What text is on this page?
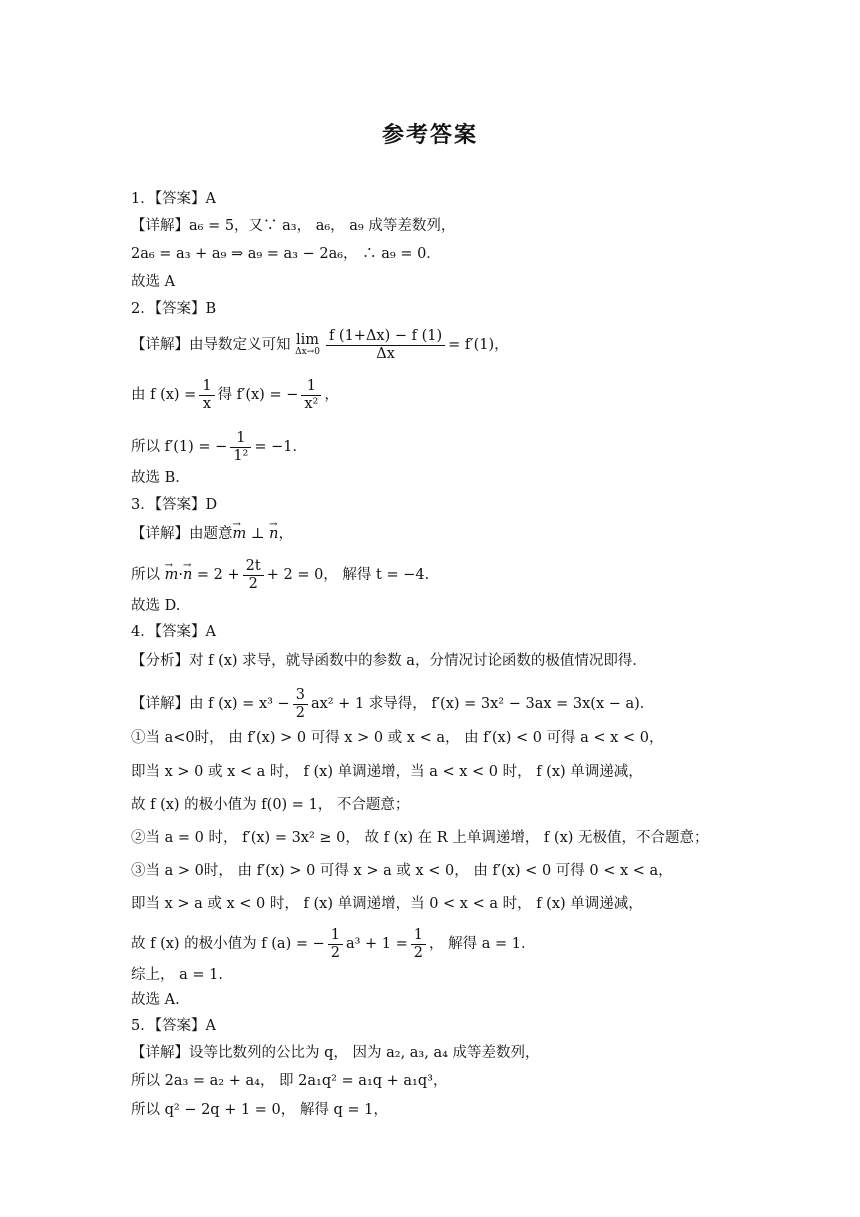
参考答案
1．【答案】A
【详解】a₆ = 5，又∵ a₃， a₆， a₉ 成等差数列，
2a₆ = a₃ + a₉ ⇒ a₉ = a₃ − 2a₆， ∴ a₉ = 0．
故选 A
2．【答案】B
【详解】由导数定义可知 lim
$\Delta x\to 0 \frac{f (1+\Delta x) - f (1)}{\Delta x} = f'(1)$，
由 f $(x) = \frac{1}{x}$ 得 f′(x) = − $\frac{1}{\text{x²}}$ ，
所以 f′(1) = − $\frac{1}{\text{1²}} = -1$．
故选 B．
3．【答案】D
【详解】由题意→ m ⊥ → n，
所以 → $m\cdot\to n = 2 + \frac{2t}{2} + 2 = 0$， 解得 t = −4．
故选 D.
4．【答案】A
【分析】对 f (x) 求导，就导函数中的参数 a，分情况讨论函数的极值情况即得．
【详解】由 f $(x) = x^3 - \frac{3}{2} ax^2 + 1$ 求导得， f′(x) = 3x² − 3ax = 3x(x − a)．
①当 a<0时， 由 f′(x) > 0 可得 x > 0 或 x < a， 由 f′(x) < 0 可得 a < x < 0，
即当 x > 0 或 x < a 时， f (x) 单调递增，当 a < x < 0 时， f (x) 单调递减，
故 f (x) 的极小值为 f(0) = 1， 不合题意；
②当 a = 0 时， f′(x) = 3x² ≥ 0， 故 f (x) 在 R 上单调递增， f (x) 无极值，不合题意；
③当 a > 0时， 由 f′(x) > 0 可得 x > a 或 x < 0， 由 f′(x) < 0 可得 0 < x < a，
即当 x > a 或 x < 0 时， f (x) 单调递增，当 0 < x < a 时， f (x) 单调递减，
故 f (x) 的极小值为 f (a) = − $\frac{1}{2} a^3 + 1 = \frac{1}{2}$ ， 解得 a = 1．
综上， a = 1．
故选 A.
5．【答案】A
【详解】设等比数列的公比为 q， 因为 a₂, a₃, a₄ 成等差数列，
所以 2a₃ = a₂ + a₄， 即 2a₁q² = a₁q + a₁q³，
所以 q² − 2q + 1 = 0， 解得 q = 1，
